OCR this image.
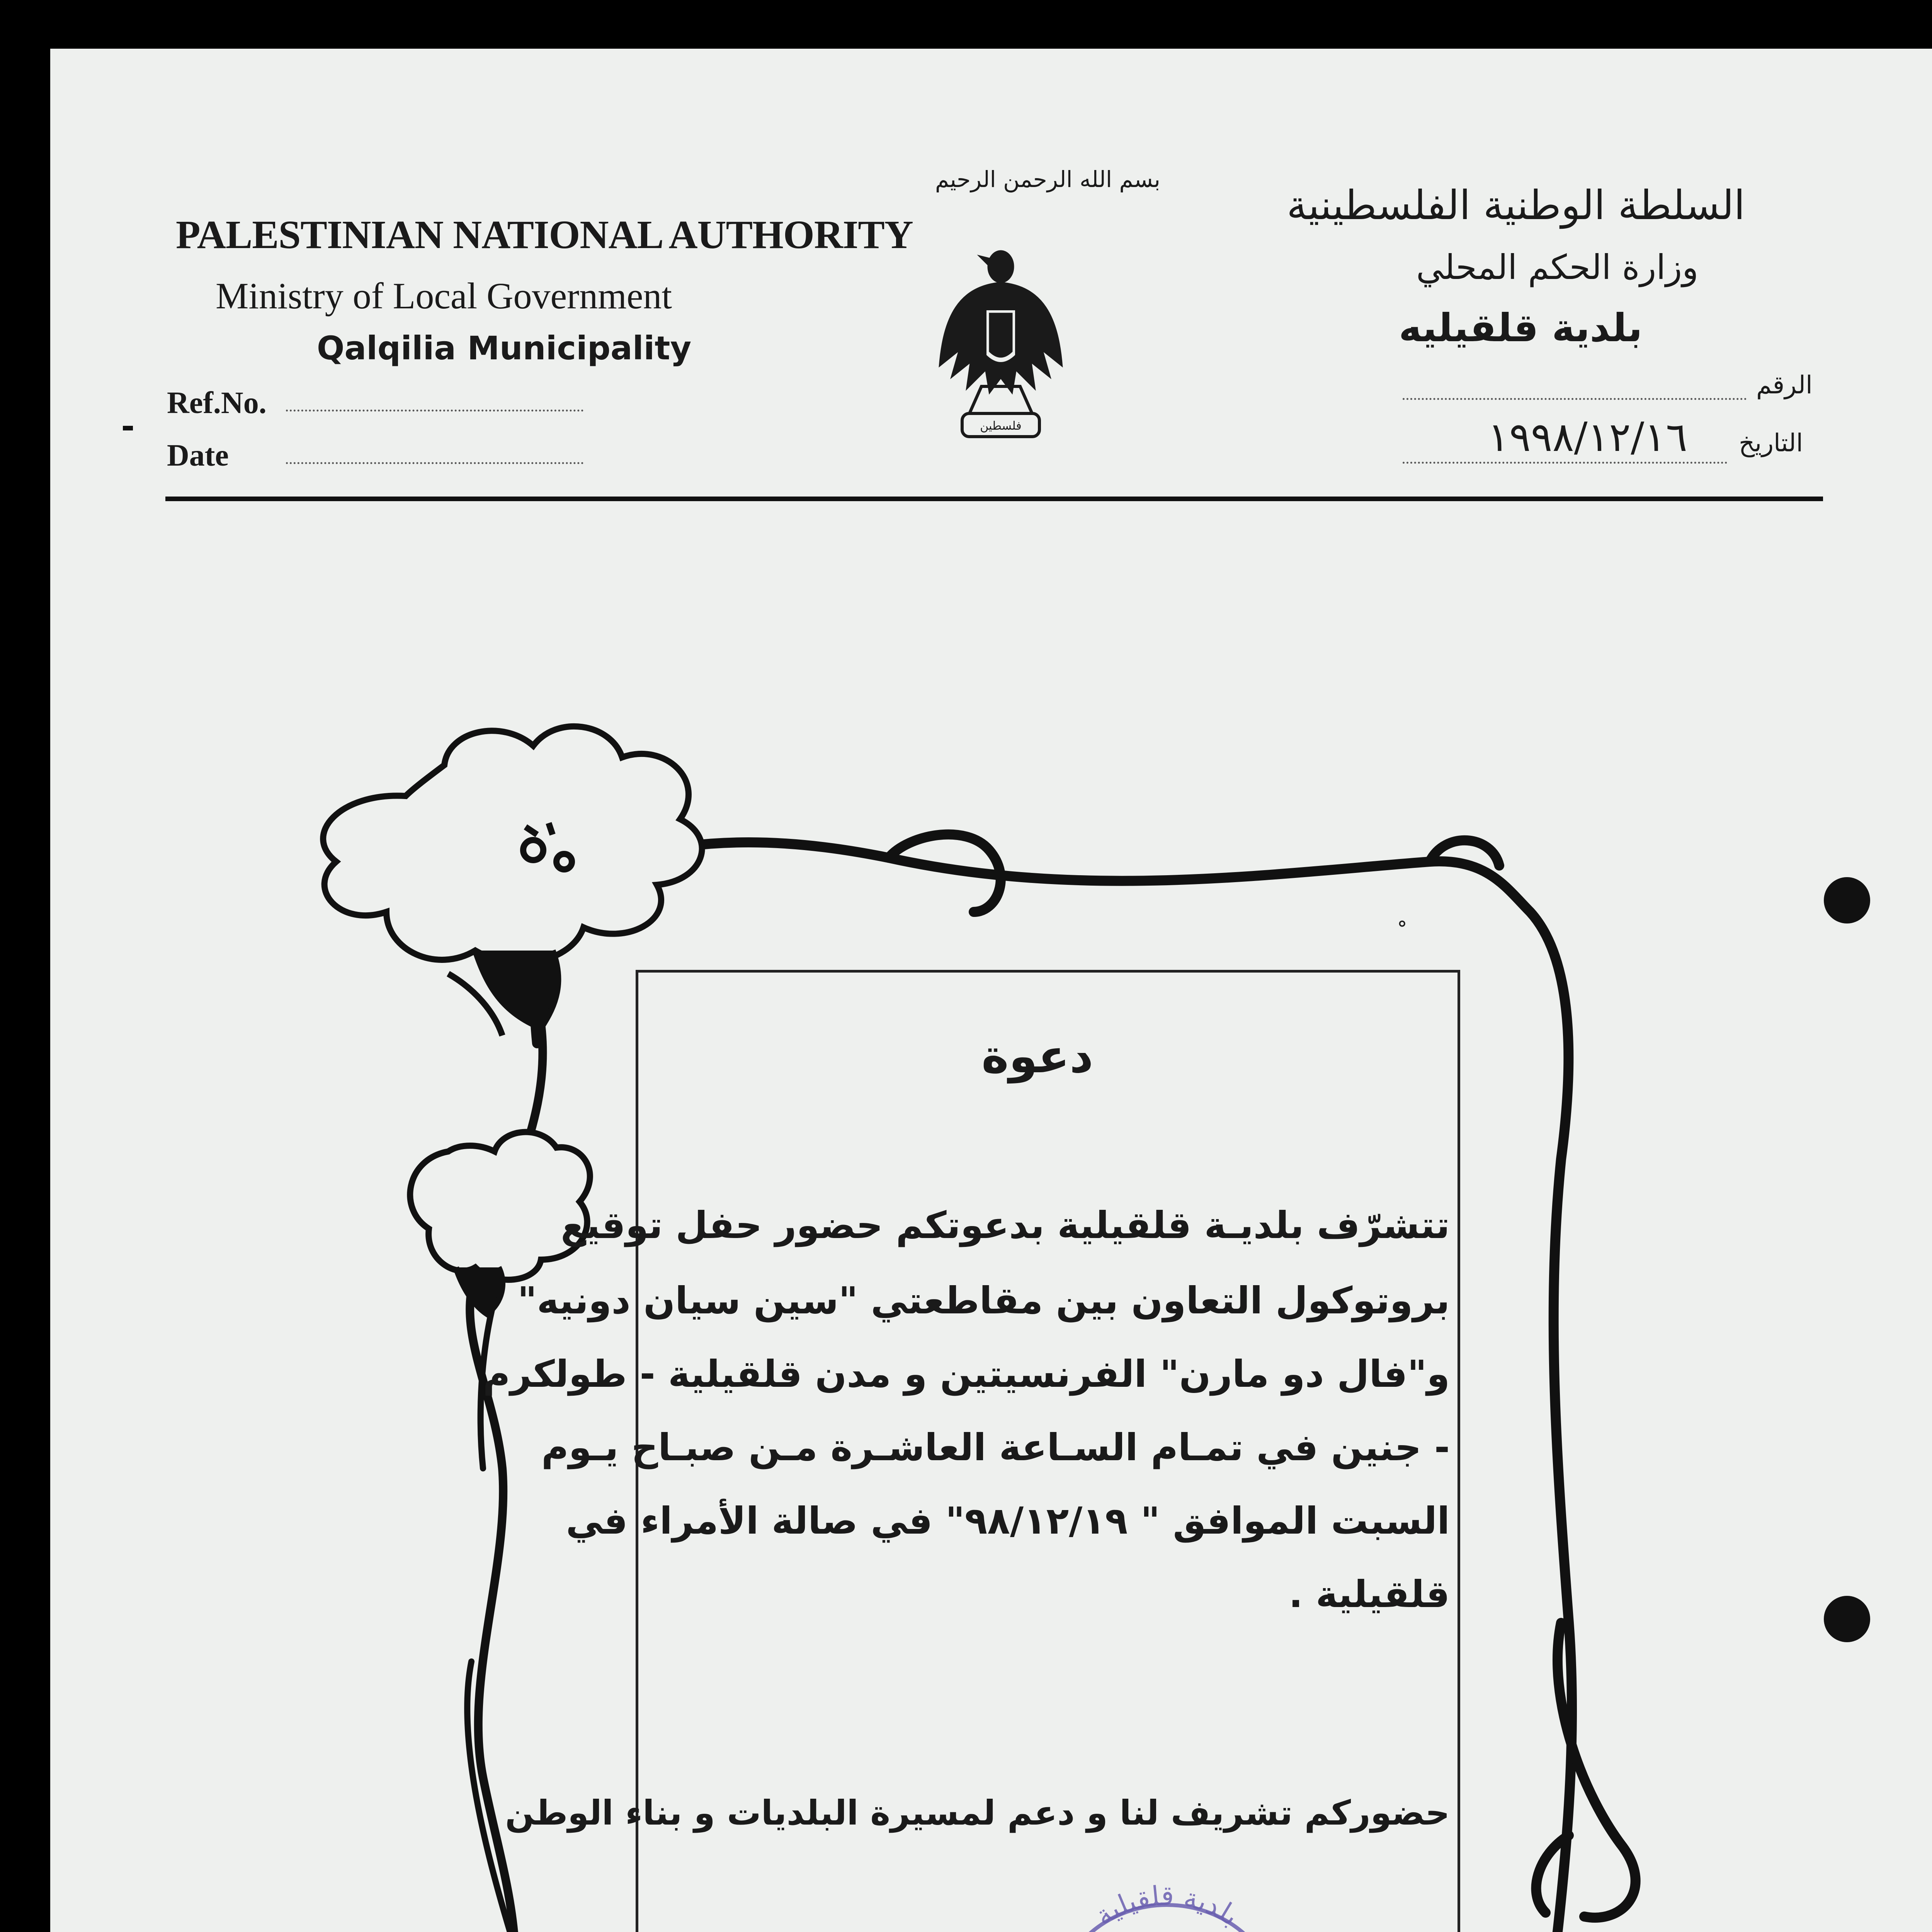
PALESTINIAN NATIONAL AUTHORITY
Ministry of Local Government
Qalqilia Municipality
Ref.No.
Date
بسم الله الرحمن الرحيم
السلطة الوطنية الفلسطينية
وزارة الحكم المحلي
بلدية قلقيليه
الرقم
التاريخ
١٩٩٨/١٢/١٦
فلسطين
دعوة
تتشرّف بلديـة قلقيلية بدعوتكم حضور حفل توقيع
بروتوكول التعاون بين مقاطعتي "سين سيان دونيه"
و"فال دو مارن" الفرنسيتين و مدن قلقيلية - طولكرم
- جنين في تمـام السـاعة العاشـرة مـن صبـاح يـوم
السبت الموافق " ٩٨/١٢/١٩" في صالة الأمراء في
قلقيلية .
حضوركم تشريف لنا و دعم لمسيرة البلديات و بناء الوطن
بلدية قلقيلية
ﹾ
